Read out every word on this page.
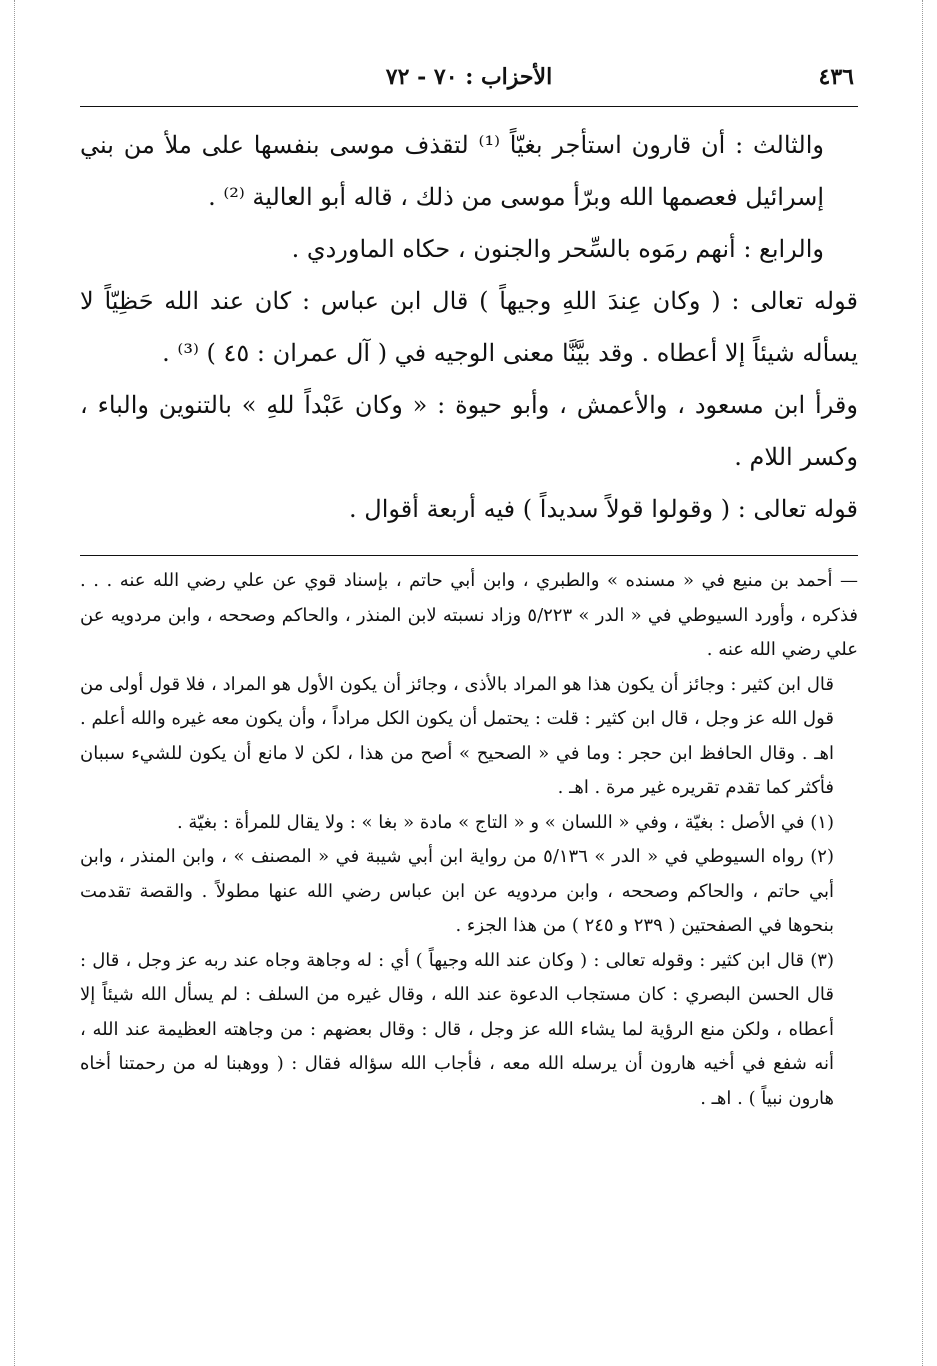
٤٣٦
الأحزاب : ٧٠ - ٧٢

والثالث : أن قارون استأجر بغيّاً ⁽¹⁾ لتقذف موسى بنفسها على ملأ من بني إسرائيل فعصمها الله وبرّأ موسى من ذلك ، قاله أبو العالية ⁽²⁾ .

والرابع : أنهم رمَوه بالسِّحر والجنون ، حكاه الماوردي .

قوله تعالى : ( وكان عِندَ اللهِ وجيهاً ) قال ابن عباس : كان عند الله حَظِيّاً لا يسأله شيئاً إلا أعطاه . وقد بيَّنَّا معنى الوجيه في ( آل عمران : ٤٥ ) ⁽³⁾ .

وقرأ ابن مسعود ، والأعمش ، وأبو حيوة : « وكان عَبْداً للهِ » بالتنوين والباء ، وكسر اللام .

قوله تعالى : ( وقولوا قولاً سديداً ) فيه أربعة أقوال .

— أحمد بن منيع في « مسنده » والطبري ، وابن أبي حاتم ، بإسناد قوي عن علي رضي الله عنه . . . فذكره ، وأورد السيوطي في « الدر » ٥/٢٢٣ وزاد نسبته لابن المنذر ، والحاكم وصححه ، وابن مردويه عن علي رضي الله عنه .

قال ابن كثير : وجائز أن يكون هذا هو المراد بالأذى ، وجائز أن يكون الأول هو المراد ، فلا قول أولى من قول الله عز وجل ، قال ابن كثير : قلت : يحتمل أن يكون الكل مراداً ، وأن يكون معه غيره والله أعلم . اهـ . وقال الحافظ ابن حجر : وما في « الصحيح » أصح من هذا ، لكن لا مانع أن يكون للشيء سببان فأكثر كما تقدم تقريره غير مرة . اهـ .

(١) في الأصل : بغيّة ، وفي « اللسان » و « التاج » مادة « بغا » : ولا يقال للمرأة : بغيّة .

(٢) رواه السيوطي في « الدر » ٥/١٣٦ من رواية ابن أبي شيبة في « المصنف » ، وابن المنذر ، وابن أبي حاتم ، والحاكم وصححه ، وابن مردويه عن ابن عباس رضي الله عنها مطولاً . والقصة تقدمت بنحوها في الصفحتين ( ٢٣٩ و ٢٤٥ ) من هذا الجزء .

(٣) قال ابن كثير : وقوله تعالى : ( وكان عند الله وجيهاً ) أي : له وجاهة وجاه عند ربه عز وجل ، قال : قال الحسن البصري : كان مستجاب الدعوة عند الله ، وقال غيره من السلف : لم يسأل الله شيئاً إلا أعطاه ، ولكن منع الرؤية لما يشاء الله عز وجل ، قال : وقال بعضهم : من وجاهته العظيمة عند الله ، أنه شفع في أخيه هارون أن يرسله الله معه ، فأجاب الله سؤاله فقال : ( ووهبنا له من رحمتنا أخاه هارون نبياً ) . اهـ .
